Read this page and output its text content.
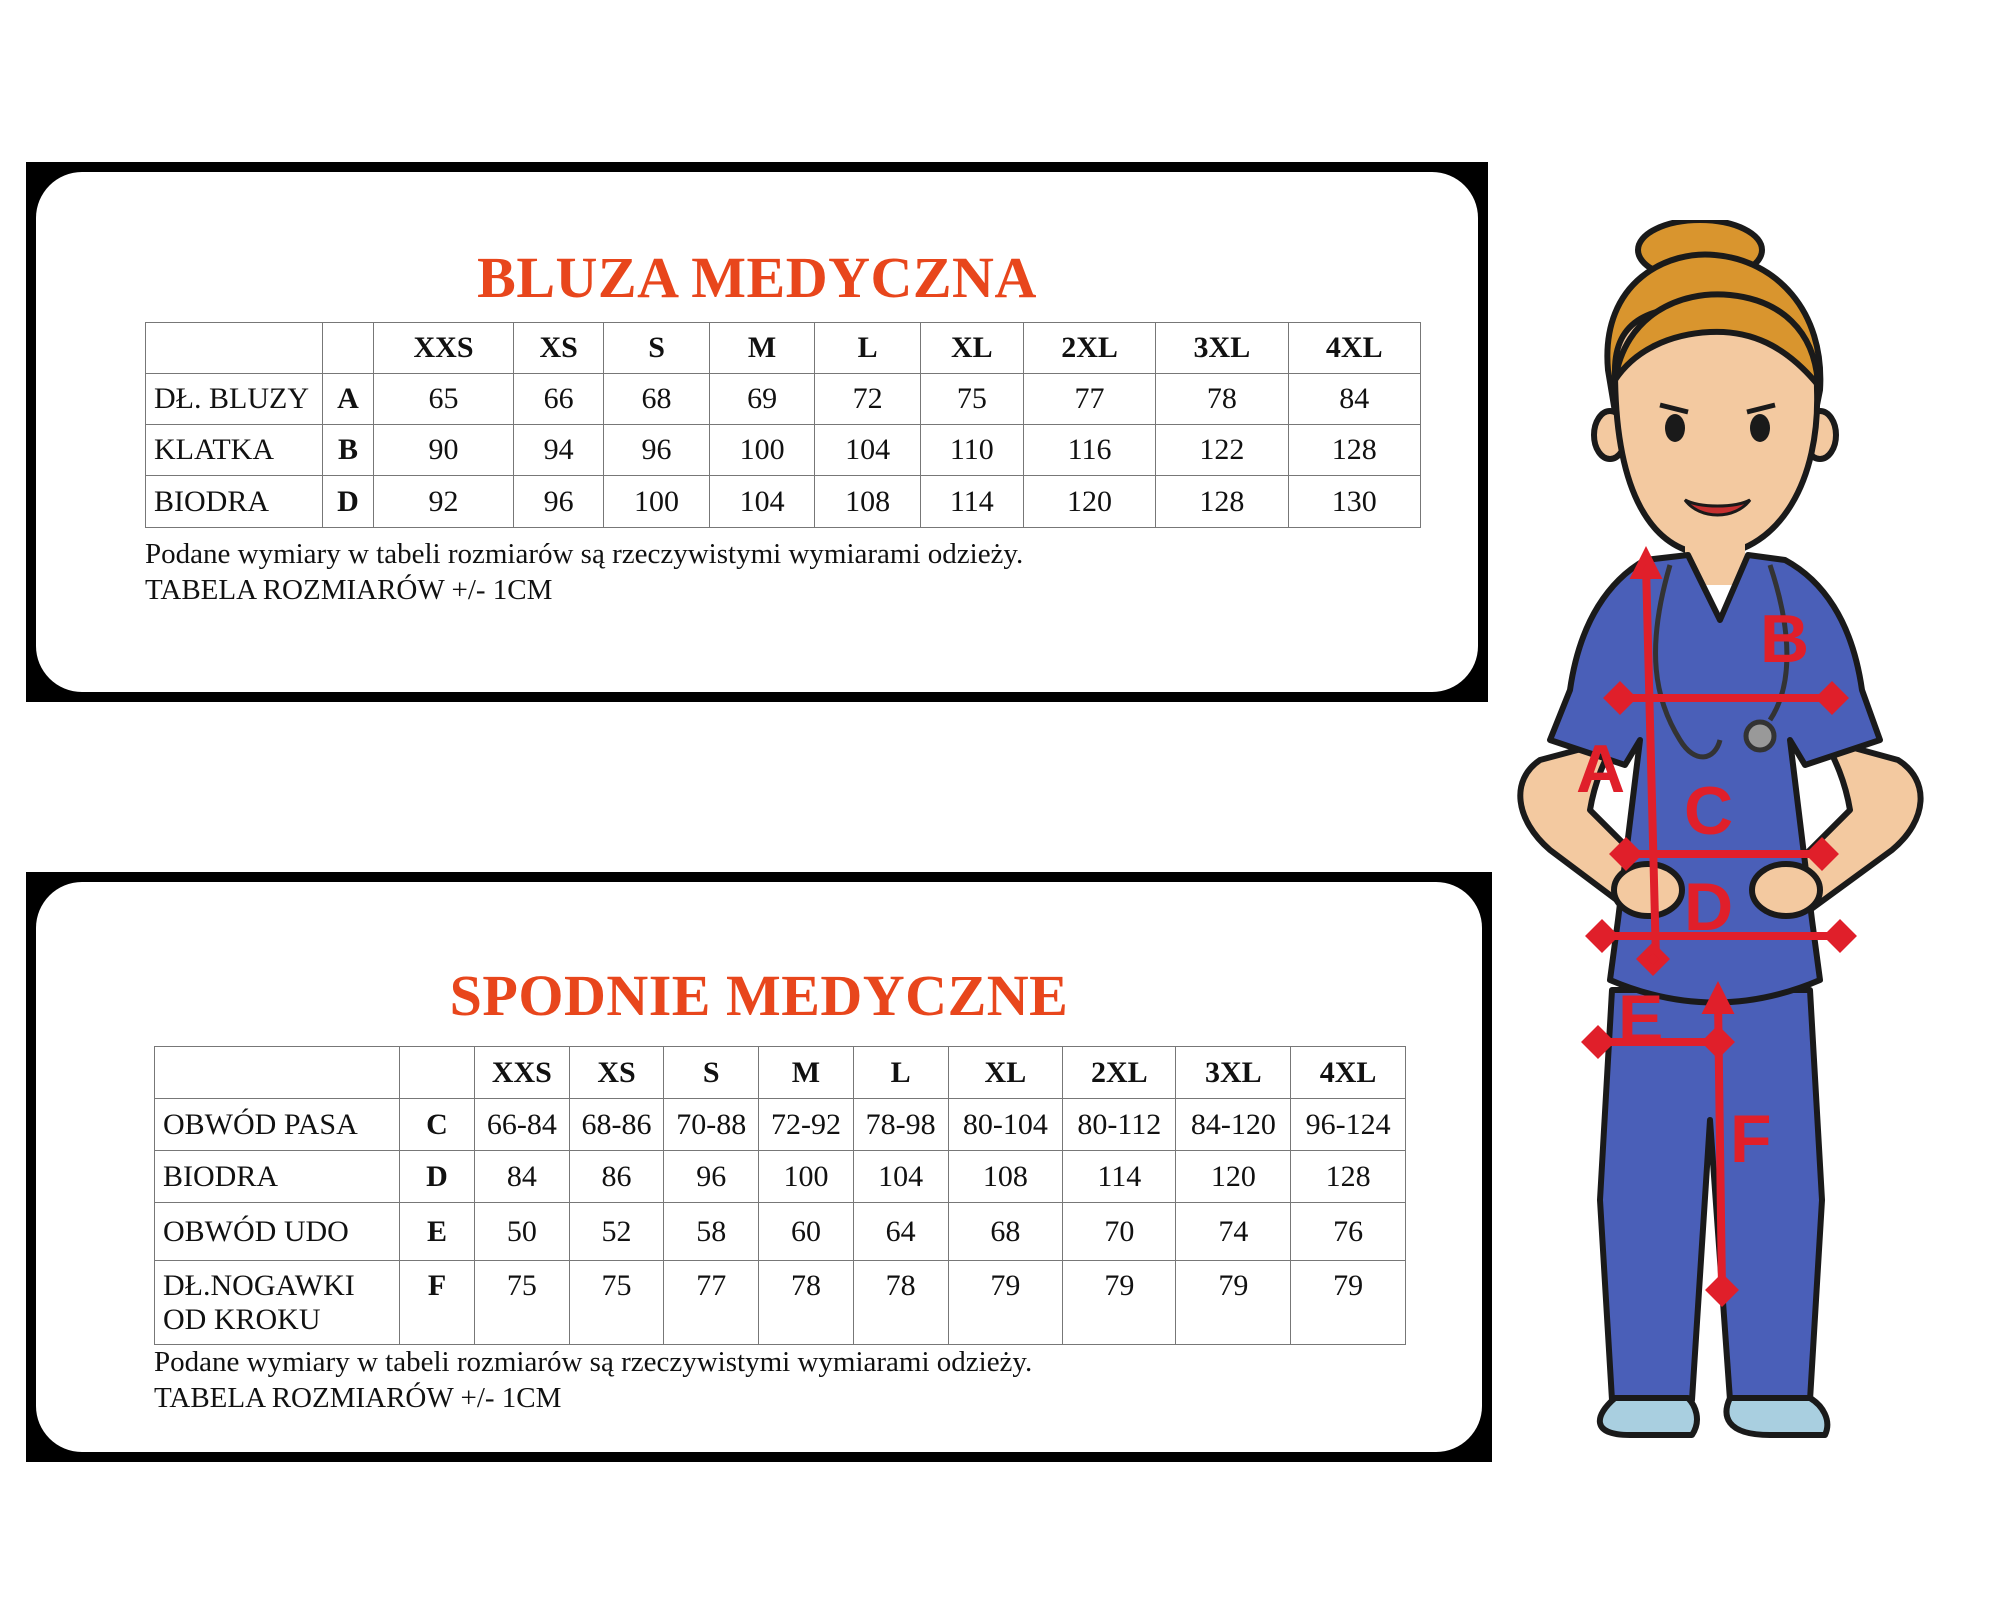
BLUZA MEDYCZNA
		XXS	XS	S	M	L	XL	2XL	3XL	4XL
DŁ. BLUZY	A	65	66	68	69	72	75	77	78	84
KLATKA	B	90	94	96	100	104	110	116	122	128
BIODRA	D	92	96	100	104	108	114	120	128	130
Podane wymiary w tabeli rozmiarów są rzeczywistymi wymiarami odzieży.
TABELA ROZMIARÓW +/- 1CM
SPODNIE MEDYCZNE
		XXS	XS	S	M	L	XL	2XL	3XL	4XL
OBWÓD PASA	C	66-84	68-86	70-88	72-92	78-98	80-104	80-112	84-120	96-124
BIODRA	D	84	86	96	100	104	108	114	120	128
OBWÓD UDO	E	50	52	58	60	64	68	70	74	76

DŁ.NOGAWKI
OD KROKU	F	75	75	77	78	78	79	79	79	79
Podane wymiary w tabeli rozmiarów są rzeczywistymi wymiarami odzieży.
TABELA ROZMIARÓW +/- 1CM
B
A
C
D
E
F
